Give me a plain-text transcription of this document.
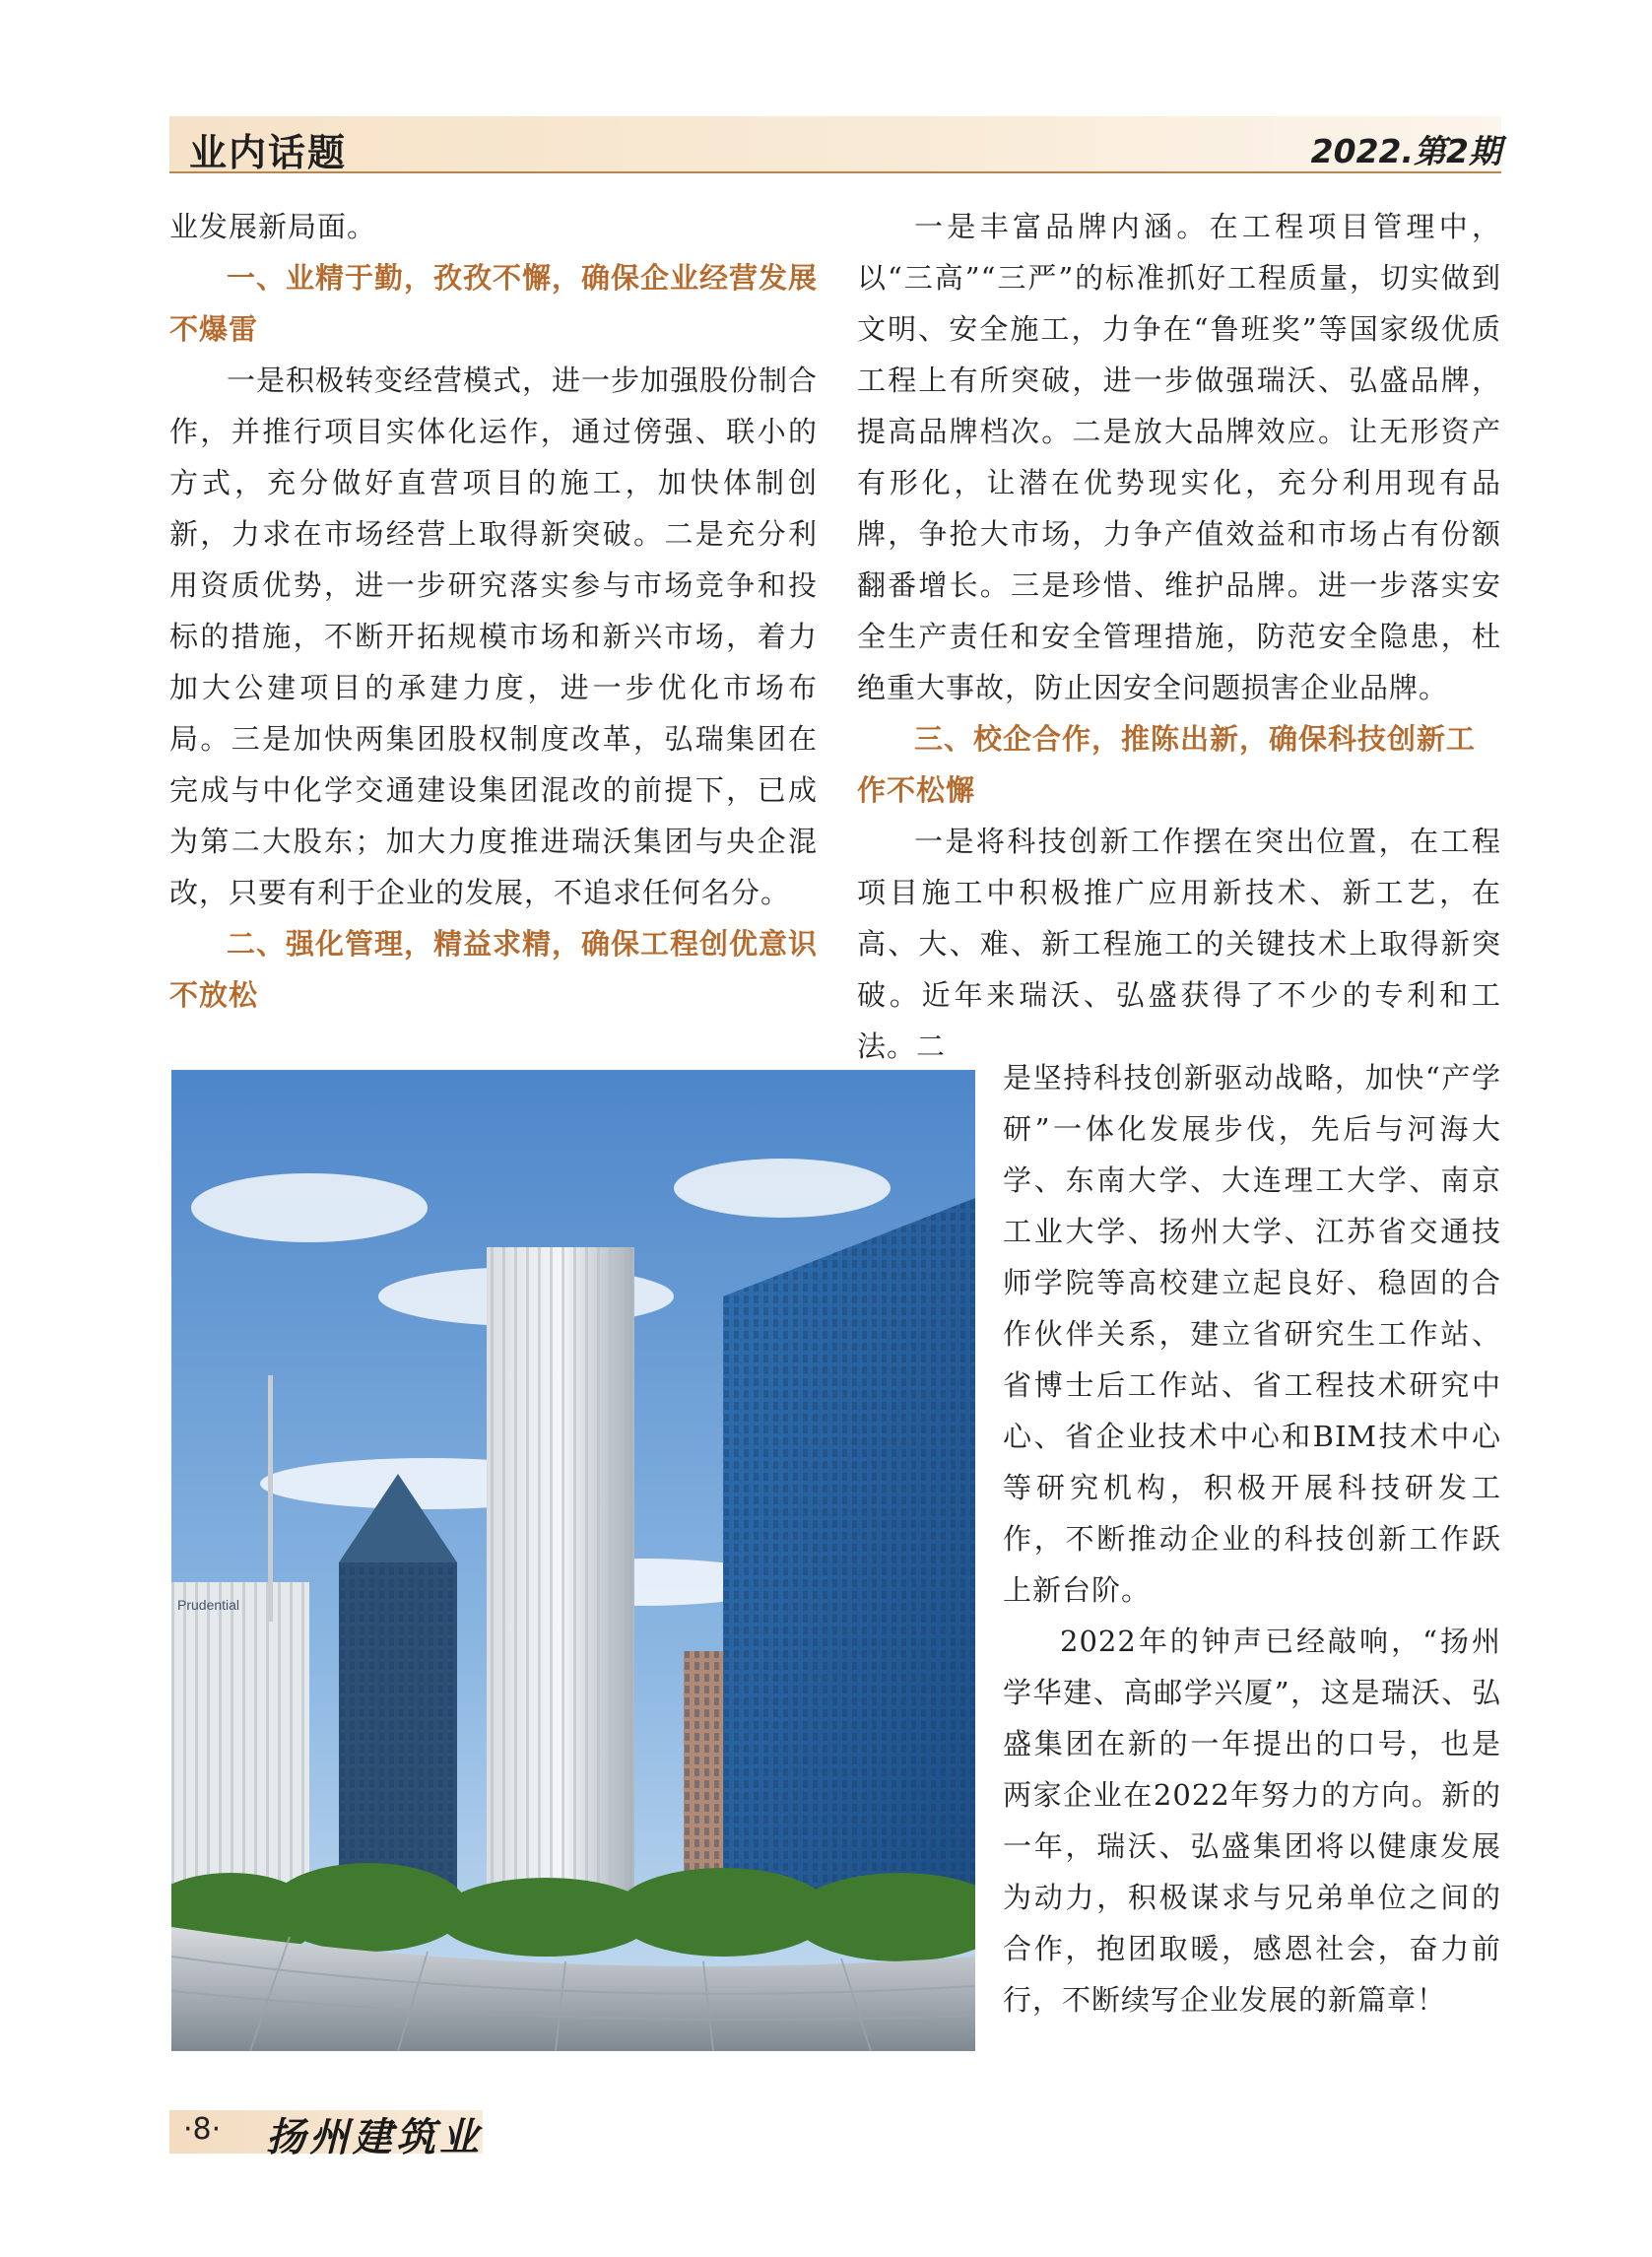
业内话题	2022.第2期

业发展新局面。

一、业精于勤，孜孜不懈，确保企业经营发展不爆雷

一是积极转变经营模式，进一步加强股份制合作，并推行项目实体化运作，通过傍强、联小的方式，充分做好直营项目的施工，加快体制创新，力求在市场经营上取得新突破。二是充分利用资质优势，进一步研究落实参与市场竞争和投标的措施，不断开拓规模市场和新兴市场，着力加大公建项目的承建力度，进一步优化市场布局。三是加快两集团股权制度改革，弘瑞集团在完成与中化学交通建设集团混改的前提下，已成为第二大股东；加大力度推进瑞沃集团与央企混改，只要有利于企业的发展，不追求任何名分。

二、强化管理，精益求精，确保工程创优意识不放松

一是丰富品牌内涵。在工程项目管理中，以“三高”“三严”的标准抓好工程质量，切实做到文明、安全施工，力争在“鲁班奖”等国家级优质工程上有所突破，进一步做强瑞沃、弘盛品牌，提高品牌档次。二是放大品牌效应。让无形资产有形化，让潜在优势现实化，充分利用现有品牌，争抢大市场，力争产值效益和市场占有份额翻番增长。三是珍惜、维护品牌。进一步落实安全生产责任和安全管理措施，防范安全隐患，杜绝重大事故，防止因安全问题损害企业品牌。

三、校企合作，推陈出新，确保科技创新工作不松懈

一是将科技创新工作摆在突出位置，在工程项目施工中积极推广应用新技术、新工艺，在高、大、难、新工程施工的关键技术上取得新突破。近年来瑞沃、弘盛获得了不少的专利和工法。二

是坚持科技创新驱动战略，加快“产学研”一体化发展步伐，先后与河海大学、东南大学、大连理工大学、南京工业大学、扬州大学、江苏省交通技师学院等高校建立起良好、稳固的合作伙伴关系，建立省研究生工作站、省博士后工作站、省工程技术研究中心、省企业技术中心和BIM技术中心等研究机构，积极开展科技研发工作，不断推动企业的科技创新工作跃上新台阶。

2022年的钟声已经敲响，“扬州学华建、高邮学兴厦”，这是瑞沃、弘盛集团在新的一年提出的口号，也是两家企业在2022年努力的方向。新的一年，瑞沃、弘盛集团将以健康发展为动力，积极谋求与兄弟单位之间的合作，抱团取暖，感恩社会，奋力前行，不断续写企业发展的新篇章！

Prudential
·8· 扬州建筑业
